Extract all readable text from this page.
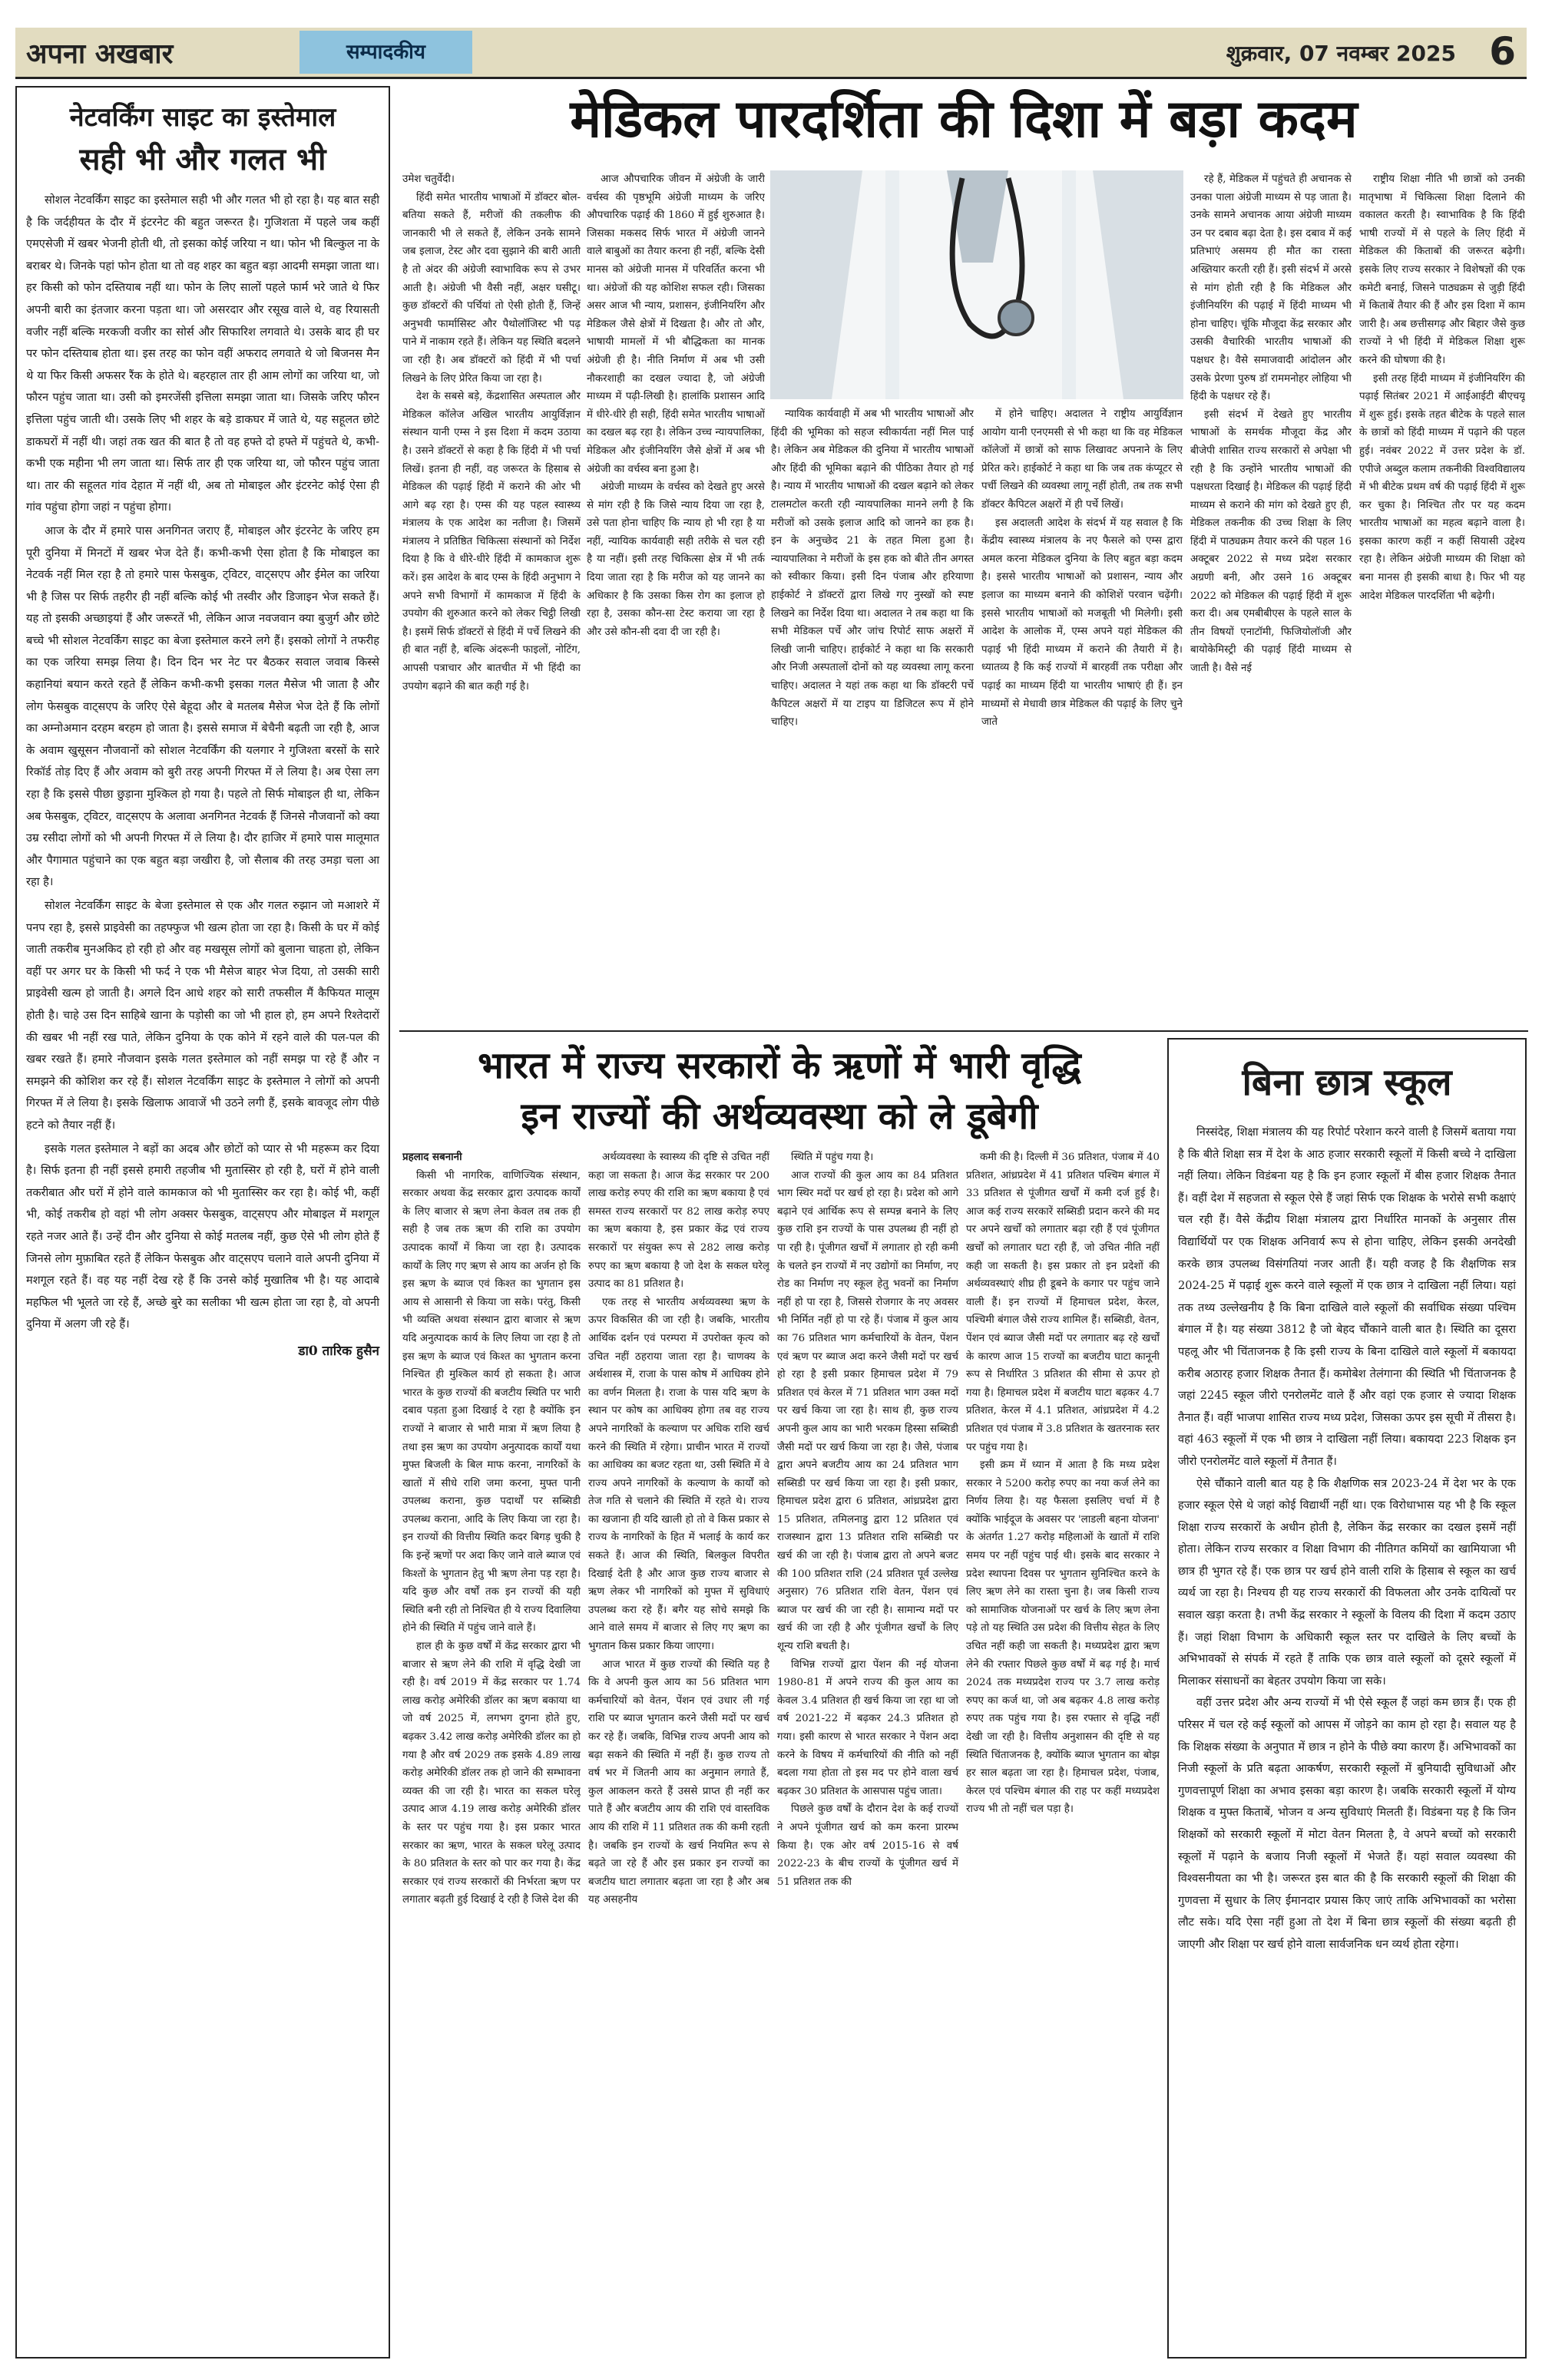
अपना अखबार	सम्पादकीय	शुक्रवार, 07 नवम्बर 2025 6
नेटवर्किंग साइट का इस्तेमाल
सही भी और गलत भी

सोशल नेटवर्किंग साइट का इस्तेमाल सही भी और गलत भी हो रहा है। यह बात सही है कि जर्दहीयत के दौर में इंटरनेट की बहुत जरूरत है। गुजिशता में पहले जब कहीं एमएसेजी में खबर भेजनी होती थी, तो इसका कोई जरिया न था। फोन भी बिल्कुल ना के बराबर थे। जिनके पहां फोन होता था तो वह शहर का बहुत बड़ा आदमी समझा जाता था। हर किसी को फोन दस्तियाब नहीं था। फोन के लिए सालों पहले फार्म भरे जाते थे फिर अपनी बारी का इंतजार करना पड़ता था। जो असरदार और रसूख वाले थे, वह रियासती वजीर नहीं बल्कि मरकजी वजीर का सोर्स और सिफारिश लगवाते थे। उसके बाद ही घर पर फोन दस्तियाब होता था। इस तरह का फोन वहीं अफराद लगवाते थे जो बिजनस मैन थे या फिर किसी अफसर रैंक के होते थे। बहरहाल तार ही आम लोगों का जरिया था, जो फौरन पहुंच जाता था। उसी को इमरजेंसी इत्तिला समझा जाता था। जिसके जरिए फौरन इत्तिला पहुंच जाती थी। उसके लिए भी शहर के बड़े डाकघर में जाते थे, यह सहूलत छोटे डाकघरों में नहीं थी। जहां तक खत की बात है तो वह हफ्ते दो हफ्ते में पहुंचते थे, कभी-कभी एक महीना भी लग जाता था। सिर्फ तार ही एक जरिया था, जो फौरन पहुंच जाता था। तार की सहूलत गांव देहात में नहीं थी, अब तो मोबाइल और इंटरनेट कोई ऐसा ही गांव पहुंचा होगा जहां न पहुंचा होगा।

आज के दौर में हमारे पास अनगिनत जराए हैं, मोबाइल और इंटरनेट के जरिए हम पूरी दुनिया में मिनटों में खबर भेज देते हैं। कभी-कभी ऐसा होता है कि मोबाइल का नेटवर्क नहीं मिल रहा है तो हमारे पास फेसबुक, ट्विटर, वाट्सएप और ईमेल का जरिया भी है जिस पर सिर्फ तहरीर ही नहीं बल्कि कोई भी तस्वीर और डिजाइन भेज सकते हैं। यह तो इसकी अच्छाइयां हैं और जरूरतें भी, लेकिन आज नवजवान क्या बुजुर्ग और छोटे बच्चे भी सोशल नेटवर्किंग साइट का बेजा इस्तेमाल करने लगे हैं। इसको लोगों ने तफरीह का एक जरिया समझ लिया है। दिन दिन भर नेट पर बैठकर सवाल जवाब किस्से कहानियां बयान करते रहते हैं लेकिन कभी-कभी इसका गलत मैसेज भी जाता है और लोग फेसबुक वाट्सएप के जरिए ऐसे बेहूदा और बे मतलब मैसेज भेज देते हैं कि लोगों का अम्नोअमान दरहम बरहम हो जाता है। इससे समाज में बेचैनी बढ़ती जा रही है, आज के अवाम खुसूसन नौजवानों को सोशल नेटवर्किंग की यलगार ने गुजिश्ता बरसों के सारे रिकॉर्ड तोड़ दिए हैं और अवाम को बुरी तरह अपनी गिरफ्त में ले लिया है। अब ऐसा लग रहा है कि इससे पीछा छुड़ाना मुश्किल हो गया है। पहले तो सिर्फ मोबाइल ही था, लेकिन अब फेसबुक, ट्विटर, वाट्सएप के अलावा अनगिनत नेटवर्क हैं जिनसे नौजवानों को क्या उम्र रसीदा लोगों को भी अपनी गिरफ्त में ले लिया है। दौर हाजिर में हमारे पास मालूमात और पैगामात पहुंचाने का एक बहुत बड़ा जखीरा है, जो सैलाब की तरह उमड़ा चला आ रहा है।

सोशल नेटवर्किंग साइट के बेजा इस्तेमाल से एक और गलत रुझान जो मआशरे में पनप रहा है, इससे प्राइवेसी का तहफ्फुज भी खत्म होता जा रहा है। किसी के घर में कोई जाती तकरीब मुनअकिद हो रही हो और वह मखसूस लोगों को बुलाना चाहता हो, लेकिन वहीं पर अगर घर के किसी भी फर्द ने एक भी मैसेज बाहर भेज दिया, तो उसकी सारी प्राइवेसी खत्म हो जाती है। अगले दिन आधे शहर को सारी तफसील मैं कैफियत मालूम होती है। चाहे उस दिन साहिबे खाना के पड़ोसी का जो भी हाल हो, हम अपने रिश्तेदारों की खबर भी नहीं रख पाते, लेकिन दुनिया के एक कोने में रहने वाले की पल-पल की खबर रखते हैं। हमारे नौजवान इसके गलत इस्तेमाल को नहीं समझ पा रहे हैं और न समझने की कोशिश कर रहे हैं। सोशल नेटवर्किंग साइट के इस्तेमाल ने लोगों को अपनी गिरफ्त में ले लिया है। इसके खिलाफ आवाजें भी उठने लगी हैं, इसके बावजूद लोग पीछे हटने को तैयार नहीं हैं।

इसके गलत इस्तेमाल ने बड़ों का अदब और छोटों को प्यार से भी महरूम कर दिया है। सिर्फ इतना ही नहीं इससे हमारी तहजीब भी मुतास्सिर हो रही है, घरों में होने वाली तकरीबात और घरों में होने वाले कामकाज को भी मुतास्सिर कर रहा है। कोई भी, कहीं भी, कोई तकरीब हो वहां भी लोग अक्सर फेसबुक, वाट्सएप और मोबाइल में मशगूल रहते नजर आते हैं। उन्हें दीन और दुनिया से कोई मतलब नहीं, कुछ ऐसे भी लोग होते हैं जिनसे लोग मुफ़ाबित रहते हैं लेकिन फेसबुक और वाट्सएप चलाने वाले अपनी दुनिया में मशगूल रहते हैं। वह यह नहीं देख रहे हैं कि उनसे कोई मुखातिब भी है। यह आदाबे महफिल भी भूलते जा रहे हैं, अच्छे बुरे का सलीका भी खत्म होता जा रहा है, वो अपनी दुनिया में अलग जी रहे हैं।

डा0 तारिक हुसैन
मेडिकल पारदर्शिता की दिशा में बड़ा कदम

उमेश चतुर्वेदी।

हिंदी समेत भारतीय भाषाओं में डॉक्टर बोल-बतिया सकते हैं, मरीजों की तकलीफ की जानकारी भी ले सकते हैं, लेकिन उनके सामने जब इलाज, टेस्ट और दवा सुझाने की बारी आती है तो अंदर की अंग्रेजी स्वाभाविक रूप से उभर आती है। अंग्रेजी भी वैसी नहीं, अक्षर घसीटू। कुछ डॉक्टरों की पर्चियां तो ऐसी होती हैं, जिन्हें अनुभवी फार्मासिस्ट और पैथोलॉजिस्ट भी पढ़ पाने में नाकाम रहते हैं। लेकिन यह स्थिति बदलने जा रही है। अब डॉक्टरों को हिंदी में भी पर्चा लिखने के लिए प्रेरित किया जा रहा है।

देश के सबसे बड़े, केंद्रशासित अस्पताल और मेडिकल कॉलेज अखिल भारतीय आयुर्विज्ञान संस्थान यानी एम्स ने इस दिशा में कदम उठाया है। उसने डॉक्टरों से कहा है कि हिंदी में भी पर्चा लिखें। इतना ही नहीं, वह जरूरत के हिसाब से मेडिकल की पढ़ाई हिंदी में कराने की ओर भी आगे बढ़ रहा है। एम्स की यह पहल स्वास्थ्य मंत्रालय के एक आदेश का नतीजा है। जिसमें मंत्रालय ने प्रतिष्ठित चिकित्सा संस्थानों को निर्देश दिया है कि वे धीरे-धीरे हिंदी में कामकाज शुरू करें। इस आदेश के बाद एम्स के हिंदी अनुभाग ने अपने सभी विभागों में कामकाज में हिंदी के उपयोग की शुरुआत करने को लेकर चिट्ठी लिखी है। इसमें सिर्फ डॉक्टरों से हिंदी में पर्चे लिखने की ही बात नहीं है, बल्कि अंदरूनी फाइलों, नोटिंग, आपसी पत्राचार और बातचीत में भी हिंदी का उपयोग बढ़ाने की बात कही गई है।

आज औपचारिक जीवन में अंग्रेजी के जारी वर्चस्व की पृष्ठभूमि अंग्रेजी माध्यम के जरिए औपचारिक पढ़ाई की 1860 में हुई शुरुआत है। जिसका मकसद सिर्फ भारत में अंग्रेजी जानने वाले बाबुओं का तैयार करना ही नहीं, बल्कि देसी मानस को अंग्रेजी मानस में परिवर्तित करना भी था। अंग्रेजों की यह कोशिश सफल रही। जिसका असर आज भी न्याय, प्रशासन, इंजीनियरिंग और मेडिकल जैसे क्षेत्रों में दिखता है। और तो और, भाषायी मामलों में भी बौद्धिकता का मानक अंग्रेजी ही है। नीति निर्माण में अब भी उसी नौकरशाही का दखल ज्यादा है, जो अंग्रेजी माध्यम में पढ़ी-लिखी है। हालांकि प्रशासन आदि में धीरे-धीरे ही सही, हिंदी समेत भारतीय भाषाओं का दखल बढ़ रहा है। लेकिन उच्च न्यायपालिका, मेडिकल और इंजीनियरिंग जैसे क्षेत्रों में अब भी अंग्रेजी का वर्चस्व बना हुआ है।

अंग्रेजी माध्यम के वर्चस्व को देखते हुए अरसे से मांग रही है कि जिसे न्याय दिया जा रहा है, उसे पता होना चाहिए कि न्याय हो भी रहा है या नहीं, न्यायिक कार्यवाही सही तरीके से चल रही है या नहीं। इसी तरह चिकित्सा क्षेत्र में भी तर्क दिया जाता रहा है कि मरीज को यह जानने का अधिकार है कि उसका किस रोग का इलाज हो रहा है, उसका कौन-सा टेस्ट कराया जा रहा है और उसे कौन-सी दवा दी जा रही है।

न्यायिक कार्यवाही में अब भी भारतीय भाषाओं और हिंदी की भूमिका को सहज स्वीकार्यता नहीं मिल पाई है। लेकिन अब मेडिकल की दुनिया में भारतीय भाषाओं और हिंदी की भूमिका बढ़ाने की पीठिका तैयार हो गई है। न्याय में भारतीय भाषाओं की दखल बढ़ाने को लेकर टालमटोल करती रही न्यायपालिका मानने लगी है कि मरीजों को उसके इलाज आदि को जानने का हक है। इन के अनुच्छेद 21 के तहत मिला हुआ है। न्यायपालिका ने मरीजों के इस हक को बीते तीन अगस्त को स्वीकार किया। इसी दिन पंजाब और हरियाणा हाईकोर्ट ने डॉक्टरों द्वारा लिखे गए नुस्खों को स्पष्ट लिखने का निर्देश दिया था। अदालत ने तब कहा था कि सभी मेडिकल पर्चे और जांच रिपोर्ट साफ अक्षरों में लिखी जानी चाहिए। हाईकोर्ट ने कहा था कि सरकारी और निजी अस्पतालों दोनों को यह व्यवस्था लागू करना चाहिए। अदालत ने यहां तक कहा था कि डॉक्टरी पर्चे कैपिटल अक्षरों में या टाइप या डिजिटल रूप में होने चाहिए।

में होने चाहिए। अदालत ने राष्ट्रीय आयुर्विज्ञान आयोग यानी एनएमसी से भी कहा था कि वह मेडिकल कॉलेजों में छात्रों को साफ लिखावट अपनाने के लिए प्रेरित करे। हाईकोर्ट ने कहा था कि जब तक कंप्यूटर से पर्ची लिखने की व्यवस्था लागू नहीं होती, तब तक सभी डॉक्टर कैपिटल अक्षरों में ही पर्चे लिखें।

इस अदालती आदेश के संदर्भ में यह सवाल है कि केंद्रीय स्वास्थ्य मंत्रालय के नए फैसले को एम्स द्वारा अमल करना मेडिकल दुनिया के लिए बहुत बड़ा कदम है। इससे भारतीय भाषाओं को प्रशासन, न्याय और इलाज का माध्यम बनाने की कोशिशें परवान चढ़ेंगी। इससे भारतीय भाषाओं को मजबूती भी मिलेगी। इसी आदेश के आलोक में, एम्स अपने यहां मेडिकल की पढ़ाई भी हिंदी माध्यम में कराने की तैयारी में है। ध्यातव्य है कि कई राज्यों में बारहवीं तक परीक्षा और पढ़ाई का माध्यम हिंदी या भारतीय भाषाएं ही हैं। इन माध्यमों से मेधावी छात्र मेडिकल की पढ़ाई के लिए चुने जाते

रहे हैं, मेडिकल में पहुंचते ही अचानक से उनका पाला अंग्रेजी माध्यम से पड़ जाता है। उनके सामने अचानक आया अंग्रेजी माध्यम उन पर दबाव बढ़ा देता है। इस दबाव में कई प्रतिभाएं असमय ही मौत का रास्ता अख्तियार करती रही हैं। इसी संदर्भ में अरसे से मांग होती रही है कि मेडिकल और इंजीनियरिंग की पढ़ाई में हिंदी माध्यम भी होना चाहिए। चूंकि मौजूदा केंद्र सरकार और उसकी वैचारिकी भारतीय भाषाओं की पक्षधर है। वैसे समाजवादी आंदोलन और उसके प्रेरणा पुरुष डॉ राममनोहर लोहिया भी हिंदी के पक्षधर रहे हैं।

इसी संदर्भ में देखते हुए भारतीय भाषाओं के समर्थक मौजूदा केंद्र और बीजेपी शासित राज्य सरकारों से अपेक्षा भी रही है कि उन्होंने भारतीय भाषाओं की पक्षधरता दिखाई है। मेडिकल की पढ़ाई हिंदी माध्यम से कराने की मांग को देखते हुए ही, मेडिकल तकनीक की उच्च शिक्षा के लिए हिंदी में पाठ्यक्रम तैयार करने की पहल 16 अक्टूबर 2022 से मध्य प्रदेश सरकार अग्रणी बनी, और उसने 16 अक्टूबर 2022 को मेडिकल की पढ़ाई हिंदी में शुरू करा दी। अब एमबीबीएस के पहले साल के तीन विषयों एनाटॉमी, फिजियोलॉजी और बायोकेमिस्ट्री की पढ़ाई हिंदी माध्यम से जाती है। वैसे नई

राष्ट्रीय शिक्षा नीति भी छात्रों को उनकी मातृभाषा में चिकित्सा शिक्षा दिलाने की वकालत करती है। स्वाभाविक है कि हिंदी भाषी राज्यों में से पहले के लिए हिंदी में मेडिकल की किताबों की जरूरत बढ़ेगी। इसके लिए राज्य सरकार ने विशेषज्ञों की एक कमेटी बनाई, जिसने पाठ्यक्रम से जुड़ी हिंदी में किताबें तैयार की हैं और इस दिशा में काम जारी है। अब छत्तीसगढ़ और बिहार जैसे कुछ राज्यों ने भी हिंदी में मेडिकल शिक्षा शुरू करने की घोषणा की है।

इसी तरह हिंदी माध्यम में इंजीनियरिंग की पढ़ाई सितंबर 2021 में आईआईटी बीएचयू में शुरू हुई। इसके तहत बीटेक के पहले साल के छात्रों को हिंदी माध्यम में पढ़ाने की पहल हुई। नवंबर 2022 में उत्तर प्रदेश के डॉ. एपीजे अब्दुल कलाम तकनीकी विश्वविद्यालय में भी बीटेक प्रथम वर्ष की पढ़ाई हिंदी में शुरू कर चुका है। निश्चित तौर पर यह कदम भारतीय भाषाओं का महत्व बढ़ाने वाला है। इसका कारण कहीं न कहीं सियासी उद्देश्य रहा है। लेकिन अंग्रेजी माध्यम की शिक्षा को बना मानस ही इसकी बाधा है। फिर भी यह आदेश मेडिकल पारदर्शिता भी बढ़ेगी।

भारत में राज्य सरकारों के ऋणों में भारी वृद्धि
इन राज्यों की अर्थव्यवस्था को ले डूबेगी

प्रहलाद सबनानी

किसी भी नागरिक, वाणिज्यिक संस्थान, सरकार अथवा केंद्र सरकार द्वारा उत्पादक कार्यों के लिए बाजार से ऋण लेना केवल तब तक ही सही है जब तक ऋण की राशि का उपयोग उत्पादक कार्यों में किया जा रहा है। उत्पादक कार्यों के लिए गए ऋण से आय का अर्जन हो कि इस ऋण के ब्याज एवं किश्त का भुगतान इस आय से आसानी से किया जा सके। परंतु, किसी भी व्यक्ति अथवा संस्थान द्वारा बाजार से ऋण यदि अनुत्पादक कार्य के लिए लिया जा रहा है तो इस ऋण के ब्याज एवं किश्त का भुगतान करना निश्चित ही मुश्किल कार्य हो सकता है। आज भारत के कुछ राज्यों की बजटीय स्थिति पर भारी दबाव पड़ता हुआ दिखाई दे रहा है क्योंकि इन राज्यों ने बाजार से भारी मात्रा में ऋण लिया है तथा इस ऋण का उपयोग अनुत्पादक कार्यों यथा मुफ्त बिजली के बिल माफ करना, नागरिकों के खातों में सीधे राशि जमा करना, मुफ्त पानी उपलब्ध कराना, कुछ पदार्थों पर सब्सिडी उपलब्ध कराना, आदि के लिए किया जा रहा है। इन राज्यों की वित्तीय स्थिति कदर बिगड़ चुकी है कि इन्हें ऋणों पर अदा किए जाने वाले ब्याज एवं किश्तों के भुगतान हेतु भी ऋण लेना पड़ रहा है। यदि कुछ और वर्षों तक इन राज्यों की यही स्थिति बनी रही तो निश्चित ही ये राज्य दिवालिया होने की स्थिति में पहुंच जाने वाले हैं।

हाल ही के कुछ वर्षों में केंद्र सरकार द्वारा भी बाजार से ऋण लेने की राशि में वृद्धि देखी जा रही है। वर्ष 2019 में केंद्र सरकार पर 1.74 लाख करोड़ अमेरिकी डॉलर का ऋण बकाया था जो वर्ष 2025 में, लगभग दुगना होते हुए, बढ़कर 3.42 लाख करोड़ अमेरिकी डॉलर का हो गया है और वर्ष 2029 तक इसके 4.89 लाख करोड़ अमेरिकी डॉलर तक हो जाने की सम्भावना व्यक्त की जा रही है। भारत का सकल घरेलू उत्पाद आज 4.19 लाख करोड़ अमेरिकी डॉलर के स्तर पर पहुंच गया है। इस प्रकार भारत सरकार का ऋण, भारत के सकल घरेलू उत्पाद के 80 प्रतिशत के स्तर को पार कर गया है। केंद्र सरकार एवं राज्य सरकारों की निर्भरता ऋण पर लगातार बढ़ती हुई दिखाई दे रही है जिसे देश की

अर्थव्यवस्था के स्वास्थ्य की दृष्टि से उचित नहीं कहा जा सकता है। आज केंद्र सरकार पर 200 लाख करोड़ रुपए की राशि का ऋण बकाया है एवं समस्त राज्य सरकारों पर 82 लाख करोड़ रुपए का ऋण बकाया है, इस प्रकार केंद्र एवं राज्य सरकारों पर संयुक्त रूप से 282 लाख करोड़ रुपए का ऋण बकाया है जो देश के सकल घरेलू उत्पाद का 81 प्रतिशत है।

एक तरह से भारतीय अर्थव्यवस्था ऋण के ऊपर विकसित की जा रही है। जबकि, भारतीय आर्थिक दर्शन एवं परम्परा में उपरोक्त कृत्य को उचित नहीं ठहराया जाता रहा है। चाणक्य के अर्थशास्त्र में, राजा के पास कोष में आधिक्य होने का वर्णन मिलता है। राजा के पास यदि ऋण के स्थान पर कोष का आधिक्य होगा तब वह राज्य अपने नागरिकों के कल्याण पर अधिक राशि खर्च करने की स्थिति में रहेगा। प्राचीन भारत में राज्यों का आधिक्य का बजट रहता था, उसी स्थिति में वे राज्य अपने नागरिकों के कल्याण के कार्यों को तेज गति से चलाने की स्थिति में रहते थे। राज्य का खजाना ही यदि खाली हो तो वे किस प्रकार से राज्य के नागरिकों के हित में भलाई के कार्य कर सकते हैं। आज की स्थिति, बिलकुल विपरीत दिखाई देती है और आज कुछ राज्य बाजार से ऋण लेकर भी नागरिकों को मुफ्त में सुविधाएं उपलब्ध करा रहे हैं। बगैर यह सोचे समझे कि आने वाले समय में बाजार से लिए गए ऋण का भुगतान किस प्रकार किया जाएगा।

आज भारत में कुछ राज्यों की स्थिति यह है कि वे अपनी कुल आय का 56 प्रतिशत भाग कर्मचारियों को वेतन, पेंशन एवं उधार ली गई राशि पर ब्याज भुगतान करने जैसी मदों पर खर्च कर रहे हैं। जबकि, विभिन्न राज्य अपनी आय को बढ़ा सकने की स्थिति में नहीं हैं। कुछ राज्य तो वर्ष भर में जितनी आय का अनुमान लगाते हैं, कुल आकलन करते हैं उससे प्राप्त ही नहीं कर पाते हैं और बजटीय आय की राशि एवं वास्तविक आय की राशि में 11 प्रतिशत तक की कमी रहती है। जबकि इन राज्यों के खर्च नियमित रूप से बढ़ते जा रहे हैं और इस प्रकार इन राज्यों का बजटीय घाटा लगातार बढ़ता जा रहा है और अब यह असहनीय

स्थिति में पहुंच गया है।

आज राज्यों की कुल आय का 84 प्रतिशत भाग स्थिर मदों पर खर्च हो रहा है। प्रदेश को आगे बढ़ाने एवं आर्थिक रूप से सम्पन्न बनाने के लिए कुछ राशि इन राज्यों के पास उपलब्ध ही नहीं हो पा रही है। पूंजीगत खर्चों में लगातार हो रही कमी के चलते इन राज्यों में नए उद्योगों का निर्माण, नए रोड का निर्माण नए स्कूल हेतु भवनों का निर्माण नहीं हो पा रहा है, जिससे रोजगार के नए अवसर भी निर्मित नहीं हो पा रहे हैं। पंजाब में कुल आय का 76 प्रतिशत भाग कर्मचारियों के वेतन, पेंशन एवं ऋण पर ब्याज अदा करने जैसी मदों पर खर्च हो रहा है इसी प्रकार हिमाचल प्रदेश में 79 प्रतिशत एवं केरल में 71 प्रतिशत भाग उक्त मदों पर खर्च किया जा रहा है। साथ ही, कुछ राज्य अपनी कुल आय का भारी भरकम हिस्सा सब्सिडी जैसी मदों पर खर्च किया जा रहा है। जैसे, पंजाब द्वारा अपने बजटीय आय का 24 प्रतिशत भाग सब्सिडी पर खर्च किया जा रहा है। इसी प्रकार, हिमाचल प्रदेश द्वारा 6 प्रतिशत, आंध्रप्रदेश द्वारा 15 प्रतिशत, तमिलनाडु द्वारा 12 प्रतिशत एवं राजस्थान द्वारा 13 प्रतिशत राशि सब्सिडी पर खर्च की जा रही है। पंजाब द्वारा तो अपने बजट की 100 प्रतिशत राशि (24 प्रतिशत पूर्व उल्लेख अनुसार) 76 प्रतिशत राशि वेतन, पेंशन एवं ब्याज पर खर्च की जा रही है। सामान्य मदों पर खर्च की जा रही है और पूंजीगत खर्चों के लिए शून्य राशि बचती है।

विभिन्न राज्यों द्वारा पेंशन की नई योजना 1980-81 में अपने राज्य की कुल आय का केवल 3.4 प्रतिशत ही खर्च किया जा रहा था जो वर्ष 2021-22 में बढ़कर 24.3 प्रतिशत हो गया। इसी कारण से भारत सरकार ने पेंशन अदा करने के विषय में कर्मचारियों की नीति को नहीं बदला गया होता तो इस मद पर होने वाला खर्च बढ़कर 30 प्रतिशत के आसपास पहुंच जाता।

पिछले कुछ वर्षों के दौरान देश के कई राज्यों ने अपने पूंजीगत खर्च को कम करना प्रारम्भ किया है। एक ओर वर्ष 2015-16 से वर्ष 2022-23 के बीच राज्यों के पूंजीगत खर्च में 51 प्रतिशत तक की

कमी की है। दिल्ली में 36 प्रतिशत, पंजाब में 40 प्रतिशत, आंध्रप्रदेश में 41 प्रतिशत पश्चिम बंगाल में 33 प्रतिशत से पूंजीगत खर्चों में कमी दर्ज हुई है। आज कई राज्य सरकारें सब्सिडी प्रदान करने की मद पर अपने खर्चों को लगातार बढ़ा रही हैं एवं पूंजीगत खर्चों को लगातार घटा रही हैं, जो उचित नीति नहीं कही जा सकती है। इस प्रकार तो इन प्रदेशों की अर्थव्यवस्थाएं शीघ्र ही डूबने के कगार पर पहुंच जाने वाली हैं। इन राज्यों में हिमाचल प्रदेश, केरल, पश्चिमी बंगाल जैसे राज्य शामिल हैं। सब्सिडी, वेतन, पेंशन एवं ब्याज जैसी मदों पर लगातार बढ़ रहे खर्चों के कारण आज 15 राज्यों का बजटीय घाटा कानूनी रूप से निर्धारित 3 प्रतिशत की सीमा से ऊपर हो गया है। हिमाचल प्रदेश में बजटीय घाटा बढ़कर 4.7 प्रतिशत, केरल में 4.1 प्रतिशत, आंध्रप्रदेश में 4.2 प्रतिशत एवं पंजाब में 3.8 प्रतिशत के खतरनाक स्तर पर पहुंच गया है।

इसी क्रम में ध्यान में आता है कि मध्य प्रदेश सरकार ने 5200 करोड़ रुपए का नया कर्ज लेने का निर्णय लिया है। यह फैसला इसलिए चर्चा में है क्योंकि भाईदूज के अवसर पर 'लाडली बहना योजना' के अंतर्गत 1.27 करोड़ महिलाओं के खातों में राशि समय पर नहीं पहुंच पाई थी। इसके बाद सरकार ने प्रदेश स्थापना दिवस पर भुगतान सुनिश्चित करने के लिए ऋण लेने का रास्ता चुना है। जब किसी राज्य को सामाजिक योजनाओं पर खर्च के लिए ऋण लेना पड़े तो यह स्थिति उस प्रदेश की वित्तीय सेहत के लिए उचित नहीं कही जा सकती है। मध्यप्रदेश द्वारा ऋण लेने की रफ्तार पिछले कुछ वर्षों में बढ़ गई है। मार्च 2024 तक मध्यप्रदेश राज्य पर 3.7 लाख करोड़ रुपए का कर्ज था, जो अब बढ़कर 4.8 लाख करोड़ रुपए तक पहुंच गया है। इस रफ्तार से वृद्धि नहीं देखी जा रही है। वित्तीय अनुशासन की दृष्टि से यह स्थिति चिंताजनक है, क्योंकि ब्याज भुगतान का बोझ हर साल बढ़ता जा रहा है। हिमाचल प्रदेश, पंजाब, केरल एवं पश्चिम बंगाल की राह पर कहीं मध्यप्रदेश राज्य भी तो नहीं चल पड़ा है।

बिना छात्र स्कूल

निस्संदेह, शिक्षा मंत्रालय की यह रिपोर्ट परेशान करने वाली है जिसमें बताया गया है कि बीते शिक्षा सत्र में देश के आठ हजार सरकारी स्कूलों में किसी बच्चे ने दाखिला नहीं लिया। लेकिन विडंबना यह है कि इन हजार स्कूलों में बीस हजार शिक्षक तैनात हैं। वहीं देश में सहजता से स्कूल ऐसे हैं जहां सिर्फ एक शिक्षक के भरोसे सभी कक्षाएं चल रही हैं। वैसे केंद्रीय शिक्षा मंत्रालय द्वारा निर्धारित मानकों के अनुसार तीस विद्यार्थियों पर एक शिक्षक अनिवार्य रूप से होना चाहिए, लेकिन इसकी अनदेखी करके छात्र उपलब्ध विसंगतियां नजर आती हैं। यही वजह है कि शैक्षणिक सत्र 2024-25 में पढ़ाई शुरू करने वाले स्कूलों में एक छात्र ने दाखिला नहीं लिया। यहां तक तथ्य उल्लेखनीय है कि बिना दाखिले वाले स्कूलों की सर्वाधिक संख्या पश्चिम बंगाल में है। यह संख्या 3812 है जो बेहद चौंकाने वाली बात है। स्थिति का दूसरा पहलू और भी चिंताजनक है कि इसी राज्य के बिना दाखिले वाले स्कूलों में बकायदा करीब अठारह हजार शिक्षक तैनात हैं। कमोबेश तेलंगाना की स्थिति भी चिंताजनक है जहां 2245 स्कूल जीरो एनरोलमेंट वाले हैं और वहां एक हजार से ज्यादा शिक्षक तैनात हैं। वहीं भाजपा शासित राज्य मध्य प्रदेश, जिसका ऊपर इस सूची में तीसरा है। वहां 463 स्कूलों में एक भी छात्र ने दाखिला नहीं लिया। बकायदा 223 शिक्षक इन जीरो एनरोलमेंट वाले स्कूलों में तैनात हैं।

ऐसे चौंकाने वाली बात यह है कि शैक्षणिक सत्र 2023-24 में देश भर के एक हजार स्कूल ऐसे थे जहां कोई विद्यार्थी नहीं था। एक विरोधाभास यह भी है कि स्कूल शिक्षा राज्य सरकारों के अधीन होती है, लेकिन केंद्र सरकार का दखल इसमें नहीं होता। लेकिन राज्य सरकार व शिक्षा विभाग की नीतिगत कमियों का खामियाजा भी छात्र ही भुगत रहे हैं। एक छात्र पर खर्च होने वाली राशि के हिसाब से स्कूल का खर्च व्यर्थ जा रहा है। निश्चय ही यह राज्य सरकारों की विफलता और उनके दायित्वों पर सवाल खड़ा करता है। तभी केंद्र सरकार ने स्कूलों के विलय की दिशा में कदम उठाए हैं। जहां शिक्षा विभाग के अधिकारी स्कूल स्तर पर दाखिले के लिए बच्चों के अभिभावकों से संपर्क में रहते हैं ताकि एक छात्र वाले स्कूलों को दूसरे स्कूलों में मिलाकर संसाधनों का बेहतर उपयोग किया जा सके।

वहीं उत्तर प्रदेश और अन्य राज्यों में भी ऐसे स्कूल हैं जहां कम छात्र हैं। एक ही परिसर में चल रहे कई स्कूलों को आपस में जोड़ने का काम हो रहा है। सवाल यह है कि शिक्षक संख्या के अनुपात में छात्र न होने के पीछे क्या कारण हैं। अभिभावकों का निजी स्कूलों के प्रति बढ़ता आकर्षण, सरकारी स्कूलों में बुनियादी सुविधाओं और गुणवत्तापूर्ण शिक्षा का अभाव इसका बड़ा कारण है। जबकि सरकारी स्कूलों में योग्य शिक्षक व मुफ्त किताबें, भोजन व अन्य सुविधाएं मिलती हैं। विडंबना यह है कि जिन शिक्षकों को सरकारी स्कूलों में मोटा वेतन मिलता है, वे अपने बच्चों को सरकारी स्कूलों में पढ़ाने के बजाय निजी स्कूलों में भेजते हैं। यहां सवाल व्यवस्था की विश्वसनीयता का भी है। जरूरत इस बात की है कि सरकारी स्कूलों की शिक्षा की गुणवत्ता में सुधार के लिए ईमानदार प्रयास किए जाएं ताकि अभिभावकों का भरोसा लौट सके। यदि ऐसा नहीं हुआ तो देश में बिना छात्र स्कूलों की संख्या बढ़ती ही जाएगी और शिक्षा पर खर्च होने वाला सार्वजनिक धन व्यर्थ होता रहेगा।
